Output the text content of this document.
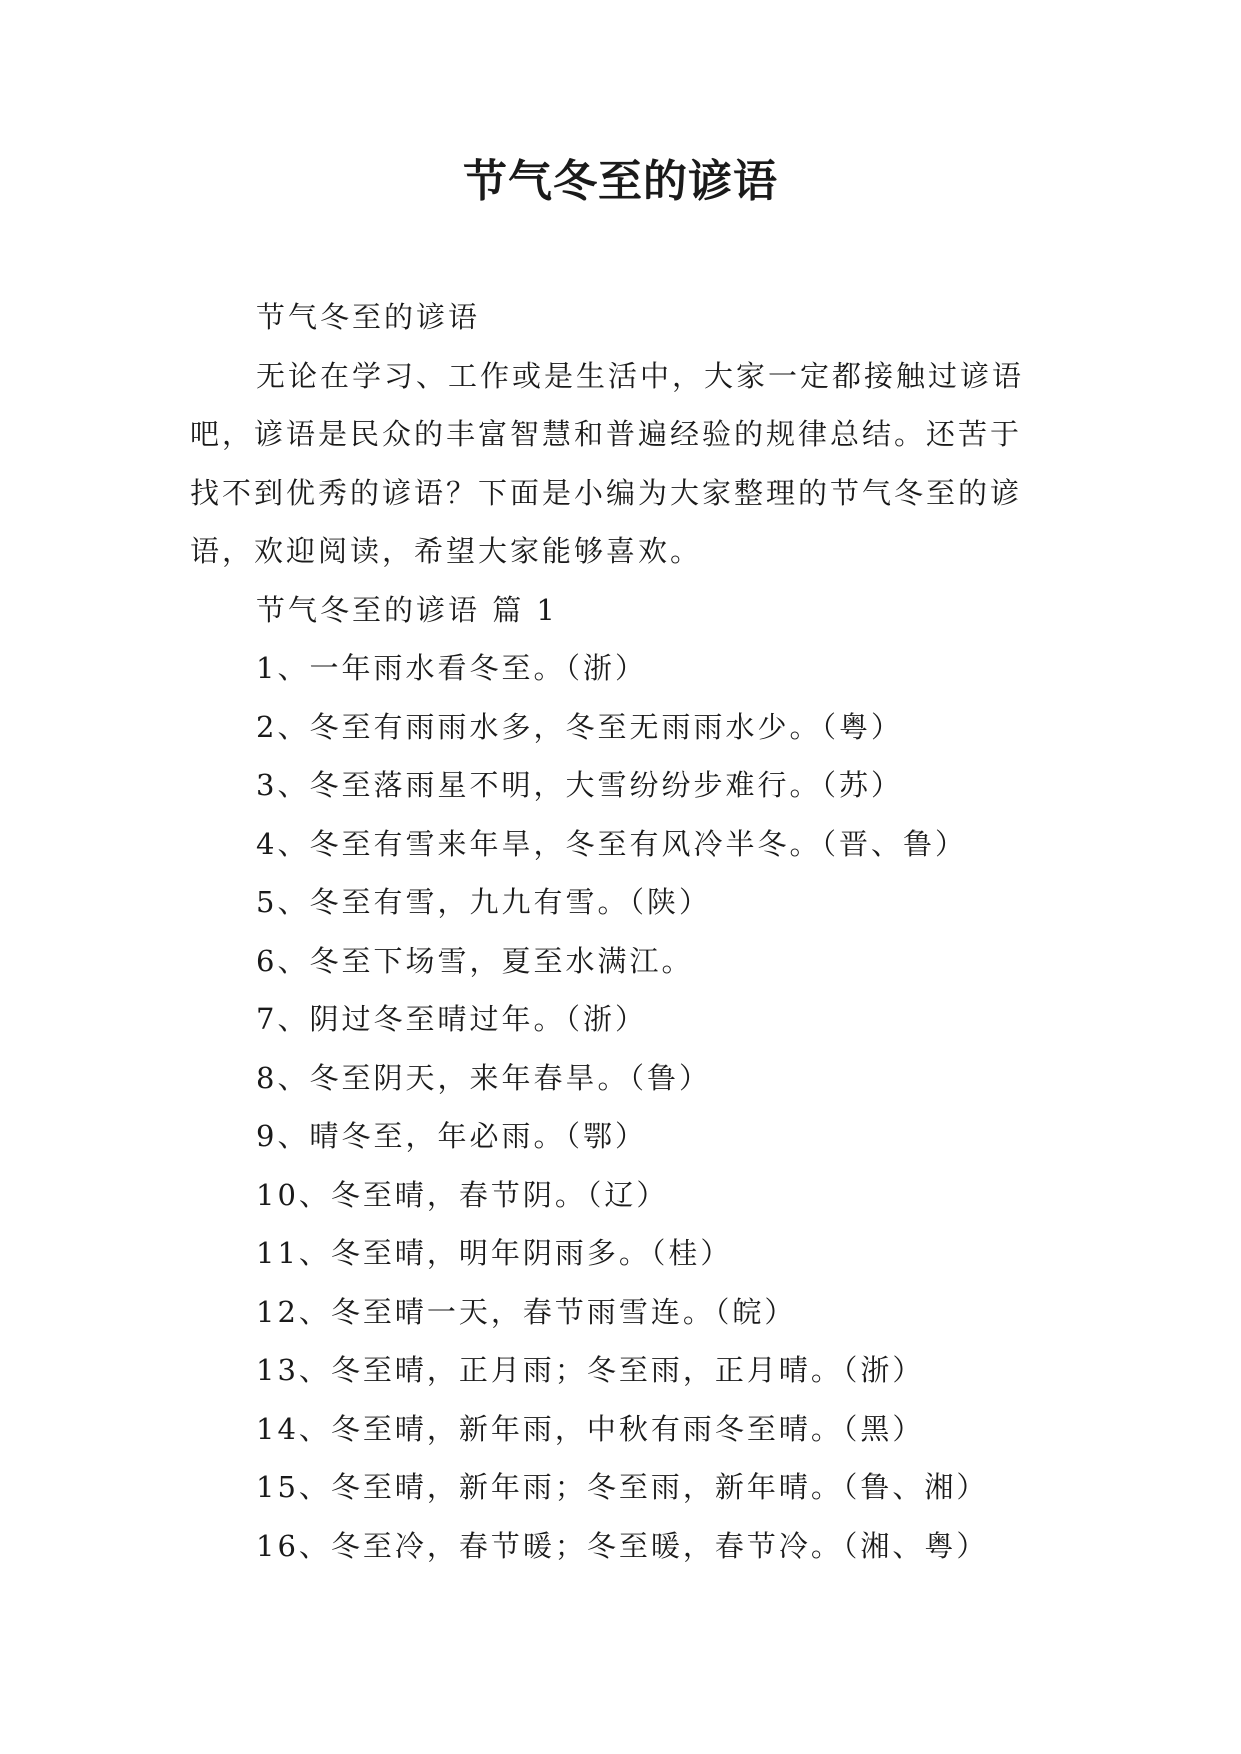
节气冬至的谚语

节气冬至的谚语

无论在学习、工作或是生活中，大家一定都接触过谚语吧，谚语是民众的丰富智慧和普遍经验的规律总结。还苦于找不到优秀的谚语？下面是小编为大家整理的节气冬至的谚语，欢迎阅读，希望大家能够喜欢。

节气冬至的谚语 篇 1

1、一年雨水看冬至。（浙）
2、冬至有雨雨水多，冬至无雨雨水少。（粤）
3、冬至落雨星不明，大雪纷纷步难行。（苏）
4、冬至有雪来年旱，冬至有风冷半冬。（晋、鲁）
5、冬至有雪，九九有雪。（陕）
6、冬至下场雪，夏至水满江。
7、阴过冬至晴过年。（浙）
8、冬至阴天，来年春旱。（鲁）
9、晴冬至，年必雨。（鄂）
10、冬至晴，春节阴。（辽）
11、冬至晴，明年阴雨多。（桂）
12、冬至晴一天，春节雨雪连。（皖）
13、冬至晴，正月雨；冬至雨，正月晴。（浙）
14、冬至晴，新年雨，中秋有雨冬至晴。（黑）
15、冬至晴，新年雨；冬至雨，新年晴。（鲁、湘）
16、冬至冷，春节暖；冬至暖，春节冷。（湘、粤）
